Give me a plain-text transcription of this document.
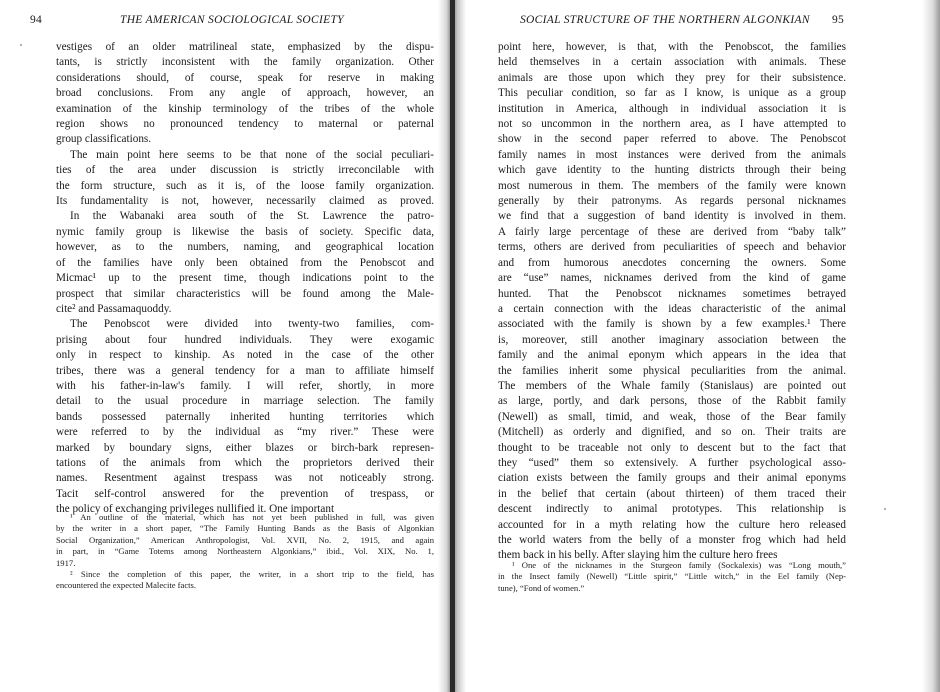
94	THE AMERICAN SOCIOLOGICAL SOCIETY
vestiges of an older matrilineal state, emphasized by the dispu-
tants, is strictly inconsistent with the family organization. Other
considerations should, of course, speak for reserve in making
broad conclusions. From any angle of approach, however, an
examination of the kinship terminology of the tribes of the whole
region shows no pronounced tendency to maternal or paternal
group classifications.
The main point here seems to be that none of the social peculiari-
ties of the area under discussion is strictly irreconcilable with
the form structure, such as it is, of the loose family organization.
Its fundamentality is not, however, necessarily claimed as proved.
In the Wabanaki area south of the St. Lawrence the patro-
nymic family group is likewise the basis of society. Specific data,
however, as to the numbers, naming, and geographical location
of the families have only been obtained from the Penobscot and
Micmac¹ up to the present time, though indications point to the
prospect that similar characteristics will be found among the Male-
cite² and Passamaquoddy.
The Penobscot were divided into twenty-two families, com-
prising about four hundred individuals. They were exogamic
only in respect to kinship. As noted in the case of the other
tribes, there was a general tendency for a man to affiliate himself
with his father-in-law's family. I will refer, shortly, in more
detail to the usual procedure in marriage selection. The family
bands possessed paternally inherited hunting territories which
were referred to by the individual as “my river.” These were
marked by boundary signs, either blazes or birch-bark represen-
tations of the animals from which the proprietors derived their
names. Resentment against trespass was not noticeably strong.
Tacit self-control answered for the prevention of trespass, or
the policy of exchanging privileges nullified it. One important
¹ An outline of the material, which has not yet been published in full, was given
by the writer in a short paper, “The Family Hunting Bands as the Basis of Algonkian
Social Organization,” American Anthropologist, Vol. XVII, No. 2, 1915, and again
in part, in “Game Totems among Northeastern Algonkians,” ibid., Vol. XIX, No. 1,
1917.
² Since the completion of this paper, the writer, in a short trip to the field, has
encountered the expected Malecite facts.
SOCIAL STRUCTURE OF THE NORTHERN ALGONKIAN 95
point here, however, is that, with the Penobscot, the families
held themselves in a certain association with animals. These
animals are those upon which they prey for their subsistence.
This peculiar condition, so far as I know, is unique as a group
institution in America, although in individual association it is
not so uncommon in the northern area, as I have attempted to
show in the second paper referred to above. The Penobscot
family names in most instances were derived from the animals
which gave identity to the hunting districts through their being
most numerous in them. The members of the family were known
generally by their patronyms. As regards personal nicknames
we find that a suggestion of band identity is involved in them.
A fairly large percentage of these are derived from “baby talk”
terms, others are derived from peculiarities of speech and behavior
and from humorous anecdotes concerning the owners. Some
are “use” names, nicknames derived from the kind of game
hunted. That the Penobscot nicknames sometimes betrayed
a certain connection with the ideas characteristic of the animal
associated with the family is shown by a few examples.¹ There
is, moreover, still another imaginary association between the
family and the animal eponym which appears in the idea that
the families inherit some physical peculiarities from the animal.
The members of the Whale family (Stanislaus) are pointed out
as large, portly, and dark persons, those of the Rabbit family
(Newell) as small, timid, and weak, those of the Bear family
(Mitchell) as orderly and dignified, and so on. Their traits are
thought to be traceable not only to descent but to the fact that
they “used” them so extensively. A further psychological asso-
ciation exists between the family groups and their animal eponyms
in the belief that certain (about thirteen) of them traced their
descent indirectly to animal prototypes. This relationship is
accounted for in a myth relating how the culture hero released
the world waters from the belly of a monster frog which had held
them back in his belly. After slaying him the culture hero frees
¹ One of the nicknames in the Sturgeon family (Sockalexis) was “Long mouth,”
in the Insect family (Newell) “Little spirit,” “Little witch,” in the Eel family (Nep-
tune), “Fond of women.”
